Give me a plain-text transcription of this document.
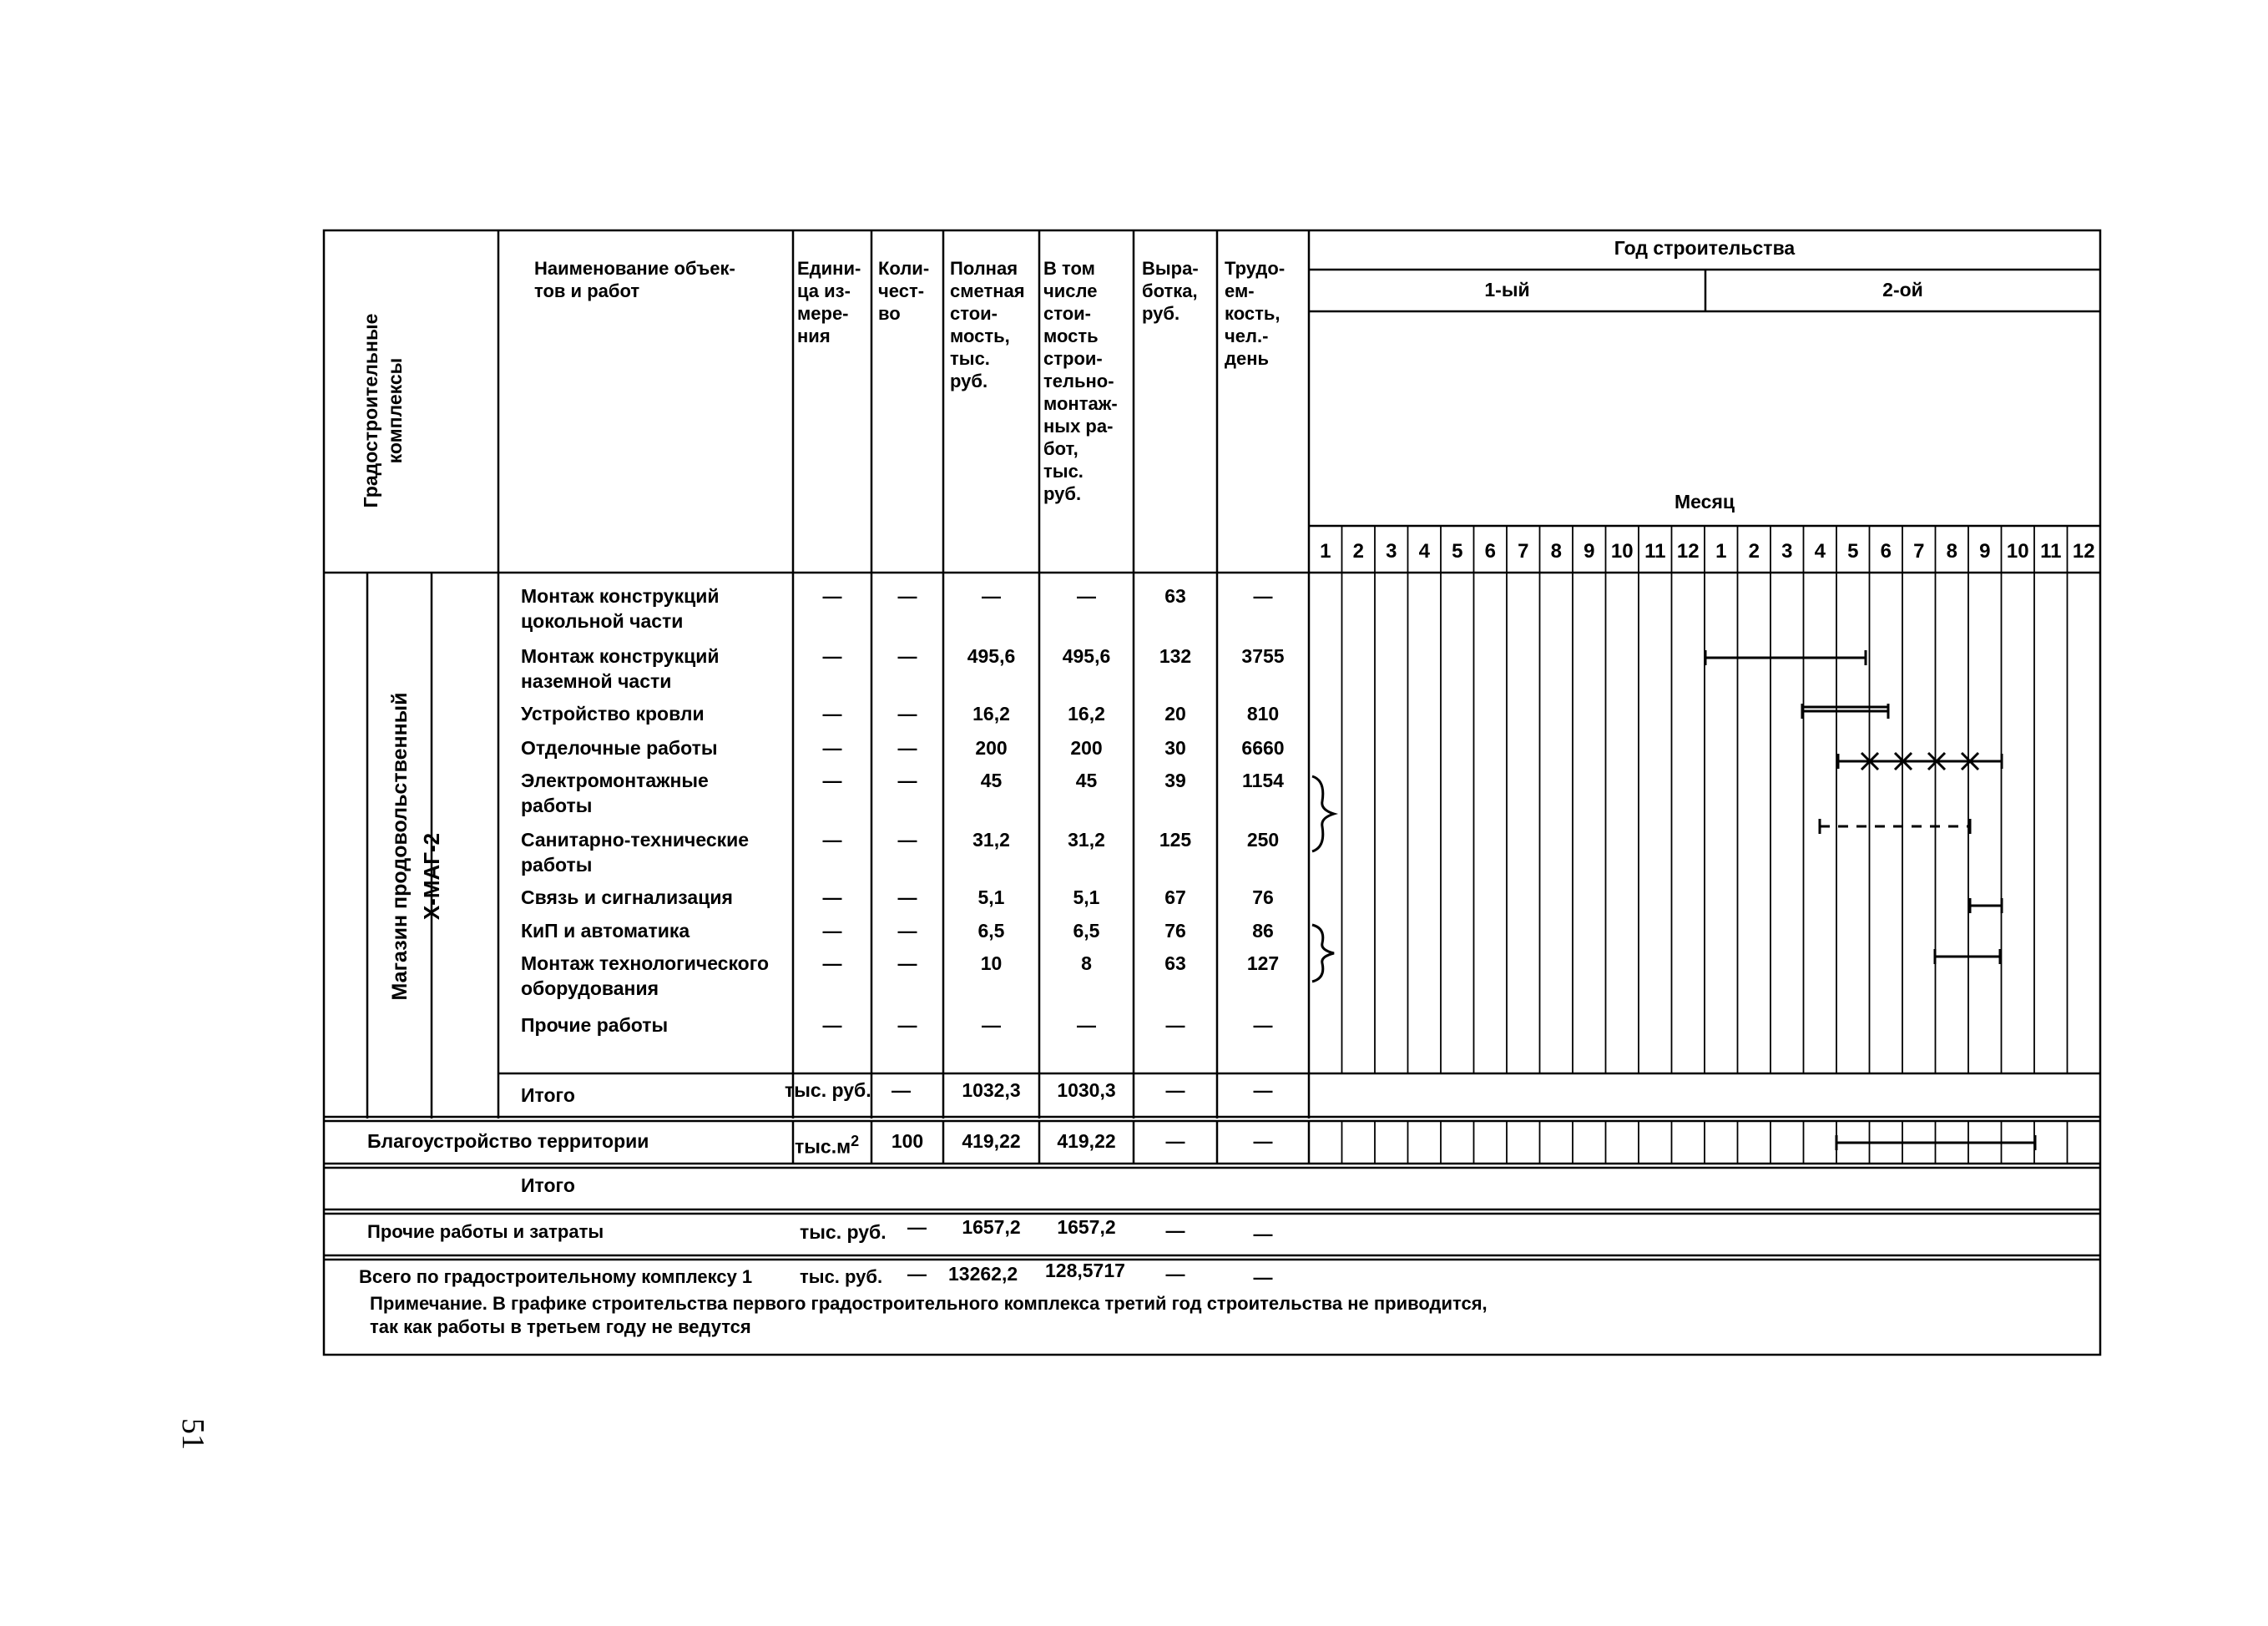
Градостроительные комплексы
Наименование объек-
тов и работ
Едини-
ца из-
мере-
ния
Коли-
чест-
во
Полная
сметная
стои-
мость,
тыс.
руб.
В том
числе
стои-
мость
строи-
тельно-
монтаж-
ных ра-
бот,
тыс.
руб.
Выра-
ботка,
руб.
Трудо-
ем-
кость,
чел.-
день
Год строительства
1-ый	2-ой
Месяц
1	2	3	4	5	6	7	8	9 10 11 12 1	2	3	4	5	6	7	8	9 10 11 12
Магазин продовольственный Х-МАГ-2
Монтаж конструкций
цокольной части
—	—	—	—	63	—
Монтаж конструкций
наземной части
—	—	495,6	495,6	132	3755
Устройство кровли	—	—	16,2	16,2	20	810
Отделочные работы	—	—	200	200	30	6660
Электромонтажные
работы
—	—	45	45	39	1154
Санитарно-технические
работы
—	—	31,2	31,2	125	250
Связь и сигнализация	—	—	5,1	5,1	67	76
КиП и автоматика	—	—	6,5	6,5	76	86
Монтаж технологического
оборудования
—	—	10	8	63	127
Прочие работы	—	—	—	—	—	—
Итого	тыс. руб. —	1032,3	1030,3	—	—
Благоустройство территории	$тыс.м^2$	100	419,22	419,22	—	—
Итого
Прочие работы и затраты	тыс. руб. —	1657,2	1657,2	—	—
Всего по градостроительному комплексу 1	тыс. руб. — 13262,2 128,5717	—	—
Примечание. В графике строительства первого градостроительного комплекса третий год строительства не приводится,
так как работы в третьем году не ведутся
51
